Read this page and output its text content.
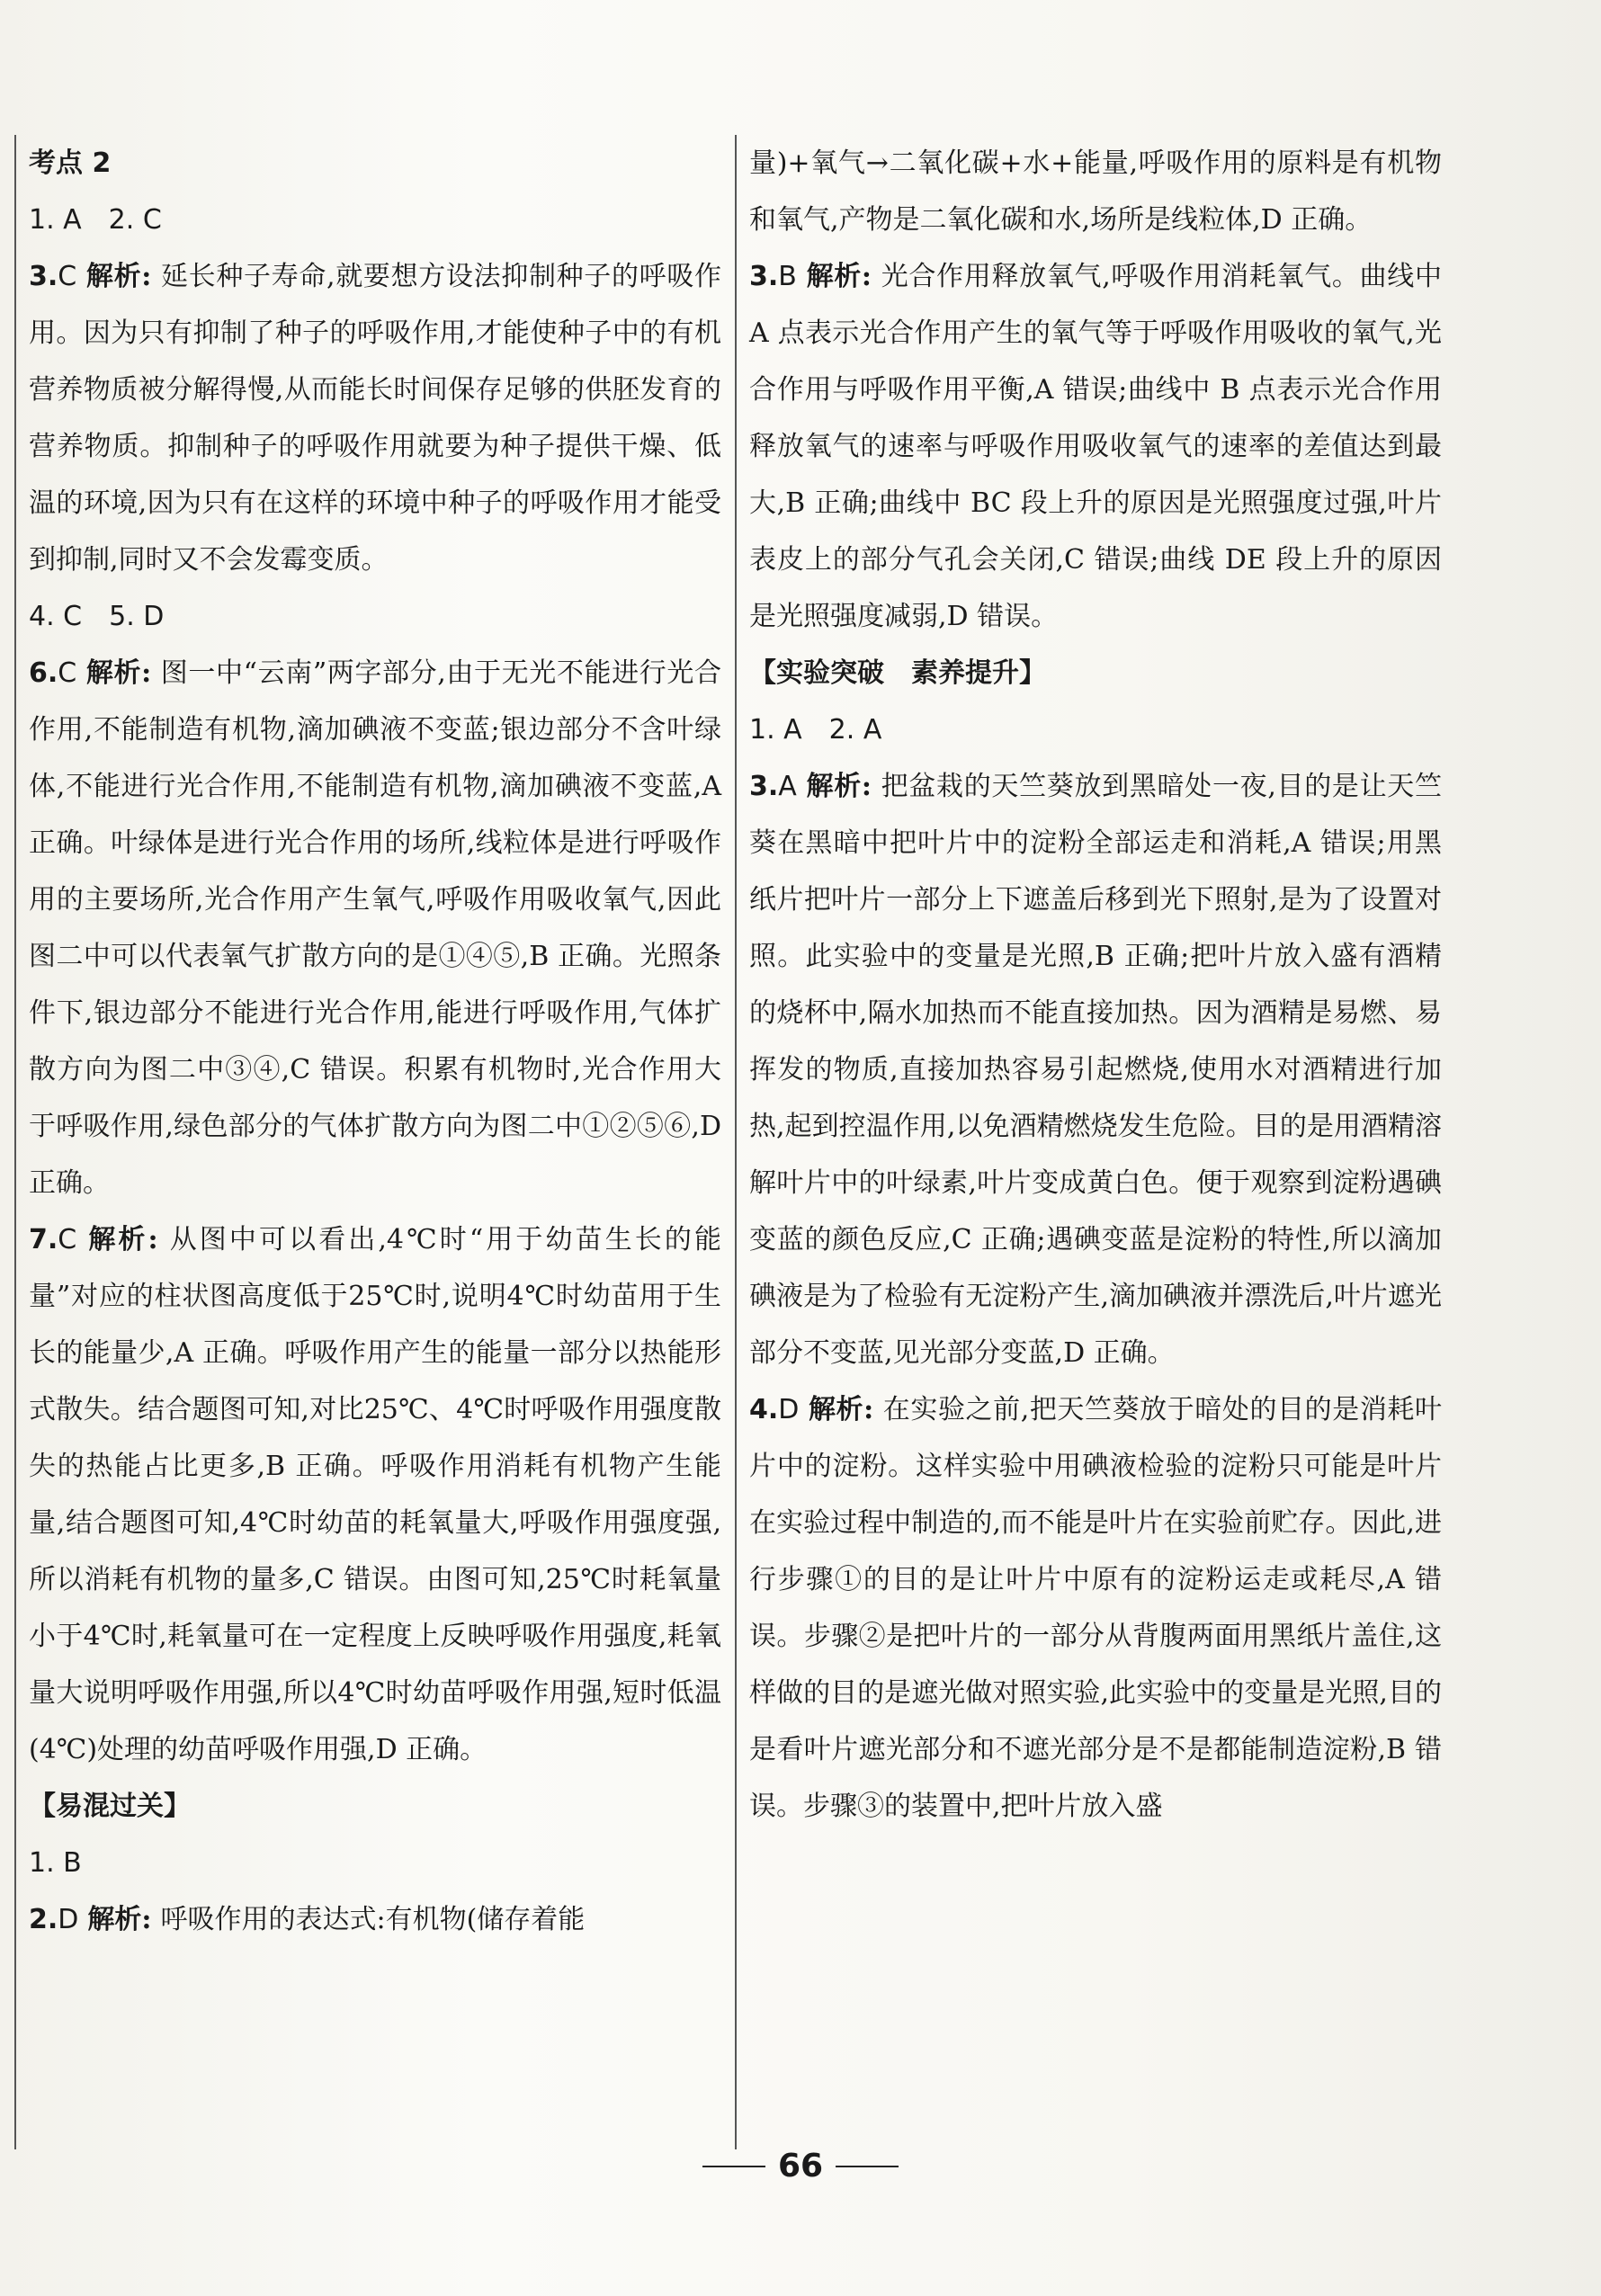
考点 2
1. A　2. C
3.C 解析: 延长种子寿命,就要想方设法抑制种子的呼吸作用。因为只有抑制了种子的呼吸作用,才能使种子中的有机营养物质被分解得慢,从而能长时间保存足够的供胚发育的营养物质。抑制种子的呼吸作用就要为种子提供干燥、低温的环境,因为只有在这样的环境中种子的呼吸作用才能受到抑制,同时又不会发霉变质。
4. C　5. D
6.C 解析: 图一中“云南”两字部分,由于无光不能进行光合作用,不能制造有机物,滴加碘液不变蓝;银边部分不含叶绿体,不能进行光合作用,不能制造有机物,滴加碘液不变蓝,A 正确。叶绿体是进行光合作用的场所,线粒体是进行呼吸作用的主要场所,光合作用产生氧气,呼吸作用吸收氧气,因此图二中可以代表氧气扩散方向的是①④⑤,B 正确。光照条件下,银边部分不能进行光合作用,能进行呼吸作用,气体扩散方向为图二中③④,C 错误。积累有机物时,光合作用大于呼吸作用,绿色部分的气体扩散方向为图二中①②⑤⑥,D 正确。
7.C 解析: 从图中可以看出,4℃时“用于幼苗生长的能量”对应的柱状图高度低于25℃时,说明4℃时幼苗用于生长的能量少,A 正确。呼吸作用产生的能量一部分以热能形式散失。结合题图可知,对比25℃、4℃时呼吸作用强度散失的热能占比更多,B 正确。呼吸作用消耗有机物产生能量,结合题图可知,4℃时幼苗的耗氧量大,呼吸作用强度强,所以消耗有机物的量多,C 错误。由图可知,25℃时耗氧量小于4℃时,耗氧量可在一定程度上反映呼吸作用强度,耗氧量大说明呼吸作用强,所以4℃时幼苗呼吸作用强,短时低温(4℃)处理的幼苗呼吸作用强,D 正确。
【易混过关】
1. B
2.D 解析: 呼吸作用的表达式:有机物(储存着能
量)+氧气→二氧化碳+水+能量,呼吸作用的原料是有机物和氧气,产物是二氧化碳和水,场所是线粒体,D 正确。
3.B 解析: 光合作用释放氧气,呼吸作用消耗氧气。曲线中 A 点表示光合作用产生的氧气等于呼吸作用吸收的氧气,光合作用与呼吸作用平衡,A 错误;曲线中 B 点表示光合作用释放氧气的速率与呼吸作用吸收氧气的速率的差值达到最大,B 正确;曲线中 BC 段上升的原因是光照强度过强,叶片表皮上的部分气孔会关闭,C 错误;曲线 DE 段上升的原因是光照强度减弱,D 错误。
【实验突破　素养提升】
1. A　2. A
3.A 解析: 把盆栽的天竺葵放到黑暗处一夜,目的是让天竺葵在黑暗中把叶片中的淀粉全部运走和消耗,A 错误;用黑纸片把叶片一部分上下遮盖后移到光下照射,是为了设置对照。此实验中的变量是光照,B 正确;把叶片放入盛有酒精的烧杯中,隔水加热而不能直接加热。因为酒精是易燃、易挥发的物质,直接加热容易引起燃烧,使用水对酒精进行加热,起到控温作用,以免酒精燃烧发生危险。目的是用酒精溶解叶片中的叶绿素,叶片变成黄白色。便于观察到淀粉遇碘变蓝的颜色反应,C 正确;遇碘变蓝是淀粉的特性,所以滴加碘液是为了检验有无淀粉产生,滴加碘液并漂洗后,叶片遮光部分不变蓝,见光部分变蓝,D 正确。
4.D 解析: 在实验之前,把天竺葵放于暗处的目的是消耗叶片中的淀粉。这样实验中用碘液检验的淀粉只可能是叶片在实验过程中制造的,而不能是叶片在实验前贮存。因此,进行步骤①的目的是让叶片中原有的淀粉运走或耗尽,A 错误。步骤②是把叶片的一部分从背腹两面用黑纸片盖住,这样做的目的是遮光做对照实验,此实验中的变量是光照,目的是看叶片遮光部分和不遮光部分是不是都能制造淀粉,B 错误。步骤③的装置中,把叶片放入盛
66
